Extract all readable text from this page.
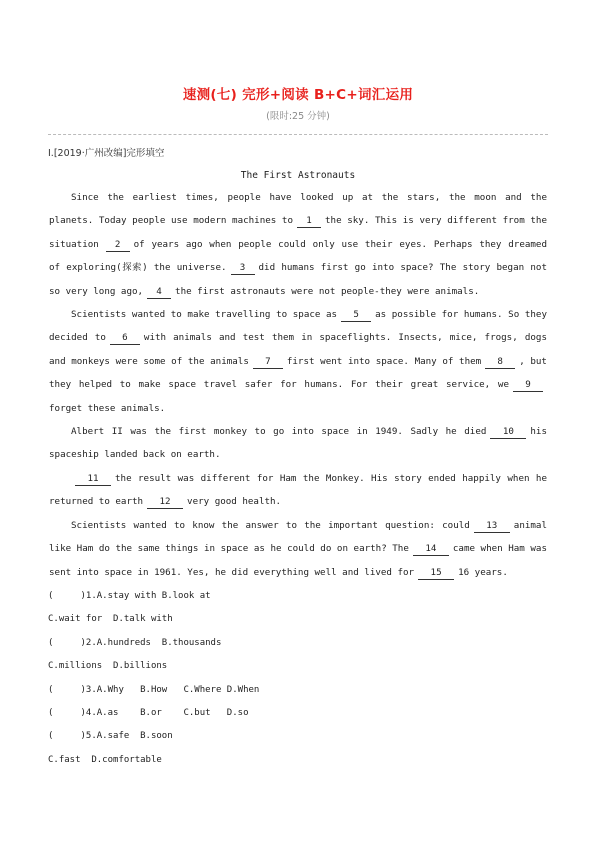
速测(七) 完形+阅读 B+C+词汇运用
(限时:25 分钟)
Ⅰ.[2019·广州改编]完形填空
The First Astronauts

Since the earliest times, people have looked up at the stars, the moon and the planets. Today people use modern machines to 1 the sky. This is very different from the situation 2 of years ago when people could only use their eyes. Perhaps they dreamed of exploring(探索) the universe. 3 did humans first go into space? The story began not so very long ago, 4 the first astronauts were not people-they were animals.

Scientists wanted to make travelling to space as 5 as possible for humans. So they decided to 6 with animals and test them in spaceflights. Insects, mice, frogs, dogs and monkeys were some of the animals 7 first went into space. Many of them 8 , but they helped to make space travel safer for humans. For their great service, we 9forget these animals.

Albert II was the first monkey to go into space in 1949. Sadly he died 10 his spaceship landed back on earth.

11 the result was different for Ham the Monkey. His story ended happily when he returned to earth 12 very good health.

Scientists wanted to know the answer to the important question: could 13 animal like Ham do the same things in space as he could do on earth? The 14 came when Ham was sent into space in 1961. Yes, he did everything well and lived for 15 16 years.

(     )1.A.stay with B.look at
C.wait for  D.talk with
(     )2.A.hundreds  B.thousands
C.millions  D.billions
(     )3.A.Why   B.How   C.Where D.When
(     )4.A.as    B.or    C.but   D.so
(     )5.A.safe  B.soon
C.fast  D.comfortable
